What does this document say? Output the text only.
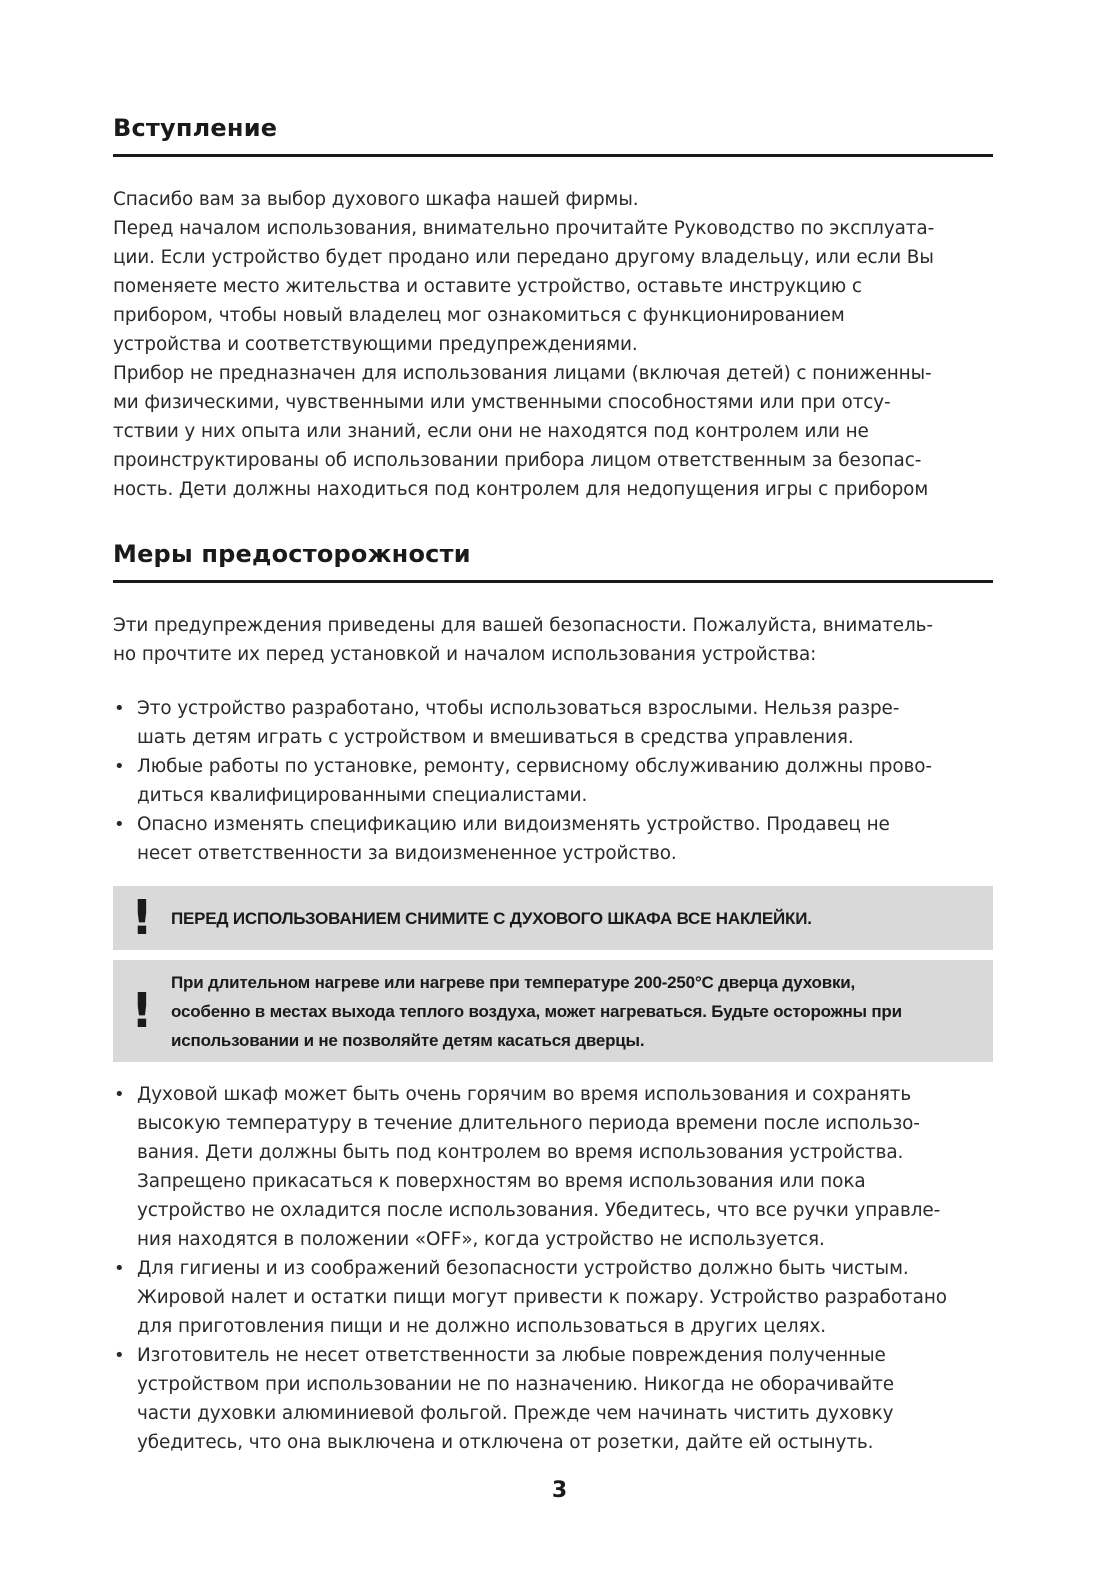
Вступление
Спасибо вам за выбор духового шкафа нашей фирмы.
Перед началом использования, внимательно прочитайте Руководство по эксплуата-
ции. Если устройство будет продано или передано другому владельцу, или если Вы
поменяете место жительства и оставите устройство, оставьте инструкцию с
прибором, чтобы новый владелец мог ознакомиться с функционированием
устройства и соответствующими предупреждениями.
Прибор не предназначен для использования лицами (включая детей) с пониженны-
ми физическими, чувственными или умственными способностями или при отсу-
тствии у них опыта или знаний, если они не находятся под контролем или не
проинструктированы об использовании прибора лицом ответственным за безопас-
ность. Дети должны находиться под контролем для недопущения игры с прибором
Меры предосторожности
Эти предупреждения приведены для вашей безопасности. Пожалуйста, вниматель-
но прочтите их перед установкой и началом использования устройства:
• Это устройство разработано, чтобы использоваться взрослыми. Нельзя разре-
шать детям играть с устройством и вмешиваться в средства управления.
• Любые работы по установке, ремонту, сервисному обслуживанию должны прово-
диться квалифицированными специалистами.
• Опасно изменять спецификацию или видоизменять устройство. Продавец не
несет ответственности за видоизмененное устройство.
! ПЕРЕД ИСПОЛЬЗОВАНИЕМ СНИМИТЕ С ДУХОВОГО ШКАФА ВСЕ НАКЛЕЙКИ.
!
При длительном нагреве или нагреве при температуре 200-250°С дверца духовки,
особенно в местах выхода теплого воздуха, может нагреваться. Будьте осторожны при
использовании и не позволяйте детям касаться дверцы.
• Духовой шкаф может быть очень горячим во время использования и сохранять
высокую температуру в течение длительного периода времени после использо-
вания. Дети должны быть под контролем во время использования устройства.
Запрещено прикасаться к поверхностям во время использования или пока
устройство не охладится после использования. Убедитесь, что все ручки управле-
ния находятся в положении «OFF», когда устройство не используется.
• Для гигиены и из соображений безопасности устройство должно быть чистым.
Жировой налет и остатки пищи могут привести к пожару. Устройство разработано
для приготовления пищи и не должно использоваться в других целях.
• Изготовитель не несет ответственности за любые повреждения полученные
устройством при использовании не по назначению. Никогда не оборачивайте
части духовки алюминиевой фольгой. Прежде чем начинать чистить духовку
убедитесь, что она выключена и отключена от розетки, дайте ей остынуть.
3
